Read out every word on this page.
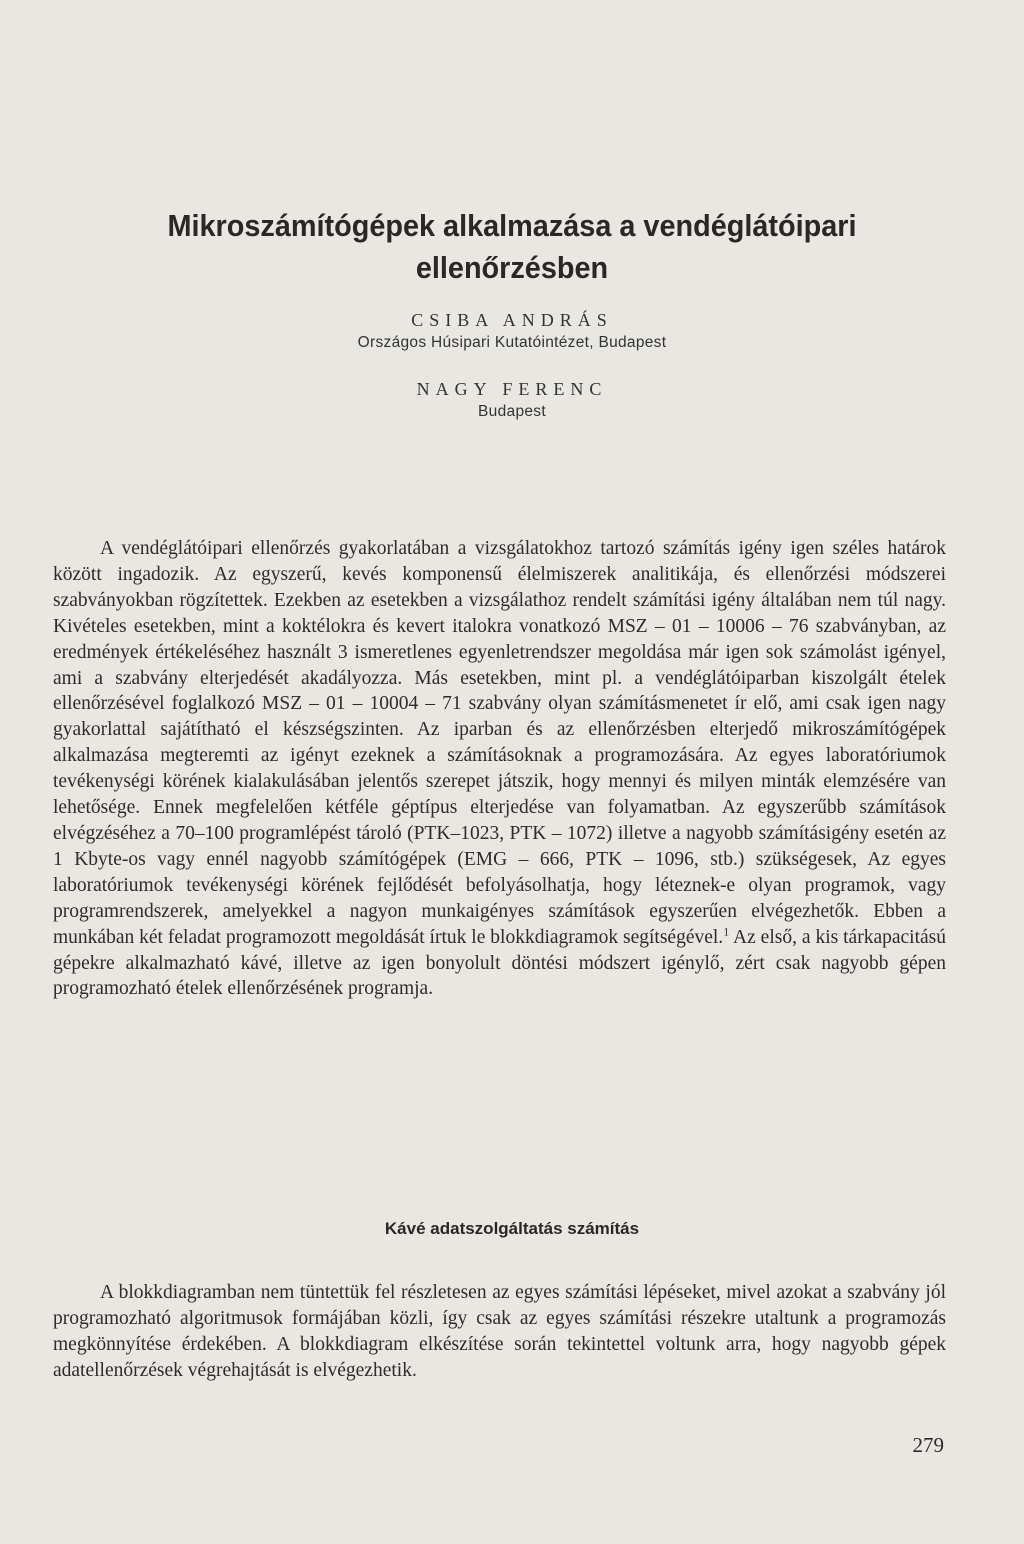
Mikroszámítógépek alkalmazása a vendéglátóipari
ellenőrzésben
CSIBA ANDRÁS
Országos Húsipari Kutatóintézet, Budapest
NAGY FERENC
Budapest

A vendéglátóipari ellenőrzés gyakorlatában a vizsgálatokhoz tartozó számítás igény igen széles határok között ingadozik. Az egyszerű, kevés komponensű élelmiszerek analitikája, és ellenőrzési módszerei szabványokban rögzítettek. Ezekben az esetekben a vizsgálathoz rendelt számítási igény általában nem túl nagy. Kivételes esetekben, mint a koktélokra és kevert italokra vonatkozó MSZ – 01 – 10006 – 76 szabványban, az eredmények értékeléséhez használt 3 ismeretlenes egyenletrendszer megoldása már igen sok számolást igényel, ami a szabvány elterjedését akadályozza. Más esetekben, mint pl. a vendéglátóiparban kiszolgált ételek ellenőrzésével foglalkozó MSZ – 01 – 10004 – 71 szabvány olyan számításmenetet ír elő, ami csak igen nagy gyakorlattal sajátítható el készségszinten. Az iparban és az ellenőrzésben elterjedő mikroszámítógépek alkalmazása megteremti az igényt ezeknek a számításoknak a programozására. Az egyes laboratóriumok tevékenységi körének kialakulásában jelentős szerepet játszik, hogy mennyi és milyen minták elemzésére van lehetősége. Ennek megfelelően kétféle géptípus elterjedése van folyamatban. Az egyszerűbb számítások elvégzéséhez a 70–100 programlépést tároló (PTK–1023, PTK – 1072) illetve a nagyobb számításigény esetén az 1 Kbyte-os vagy ennél nagyobb számítógépek (EMG – 666, PTK – 1096, stb.) szükségesek, Az egyes laboratóriumok tevékenységi körének fejlődését befolyásolhatja, hogy léteznek-e olyan programok, vagy programrendszerek, amelyekkel a nagyon munkaigényes számítások egyszerűen elvégezhetők. Ebben a munkában két feladat programozott megoldását írtuk le blokkdiagramok segítségével.$^1$ Az első, a kis tárkapacitású gépekre alkalmazható kávé, illetve az igen bonyolult döntési módszert igénylő, zért csak nagyobb gépen programozható ételek ellenőrzésének programja.

Kávé adatszolgáltatás számítás

A blokkdiagramban nem tüntettük fel részletesen az egyes számítási lépéseket, mivel azokat a szabvány jól programozható algoritmusok formájában közli, így csak az egyes számítási részekre utaltunk a programozás megkönnyítése érdekében. A blokkdiagram elkészítése során tekintettel voltunk arra, hogy nagyobb gépek adatellenőrzések végrehajtását is elvégezhetik.

279
